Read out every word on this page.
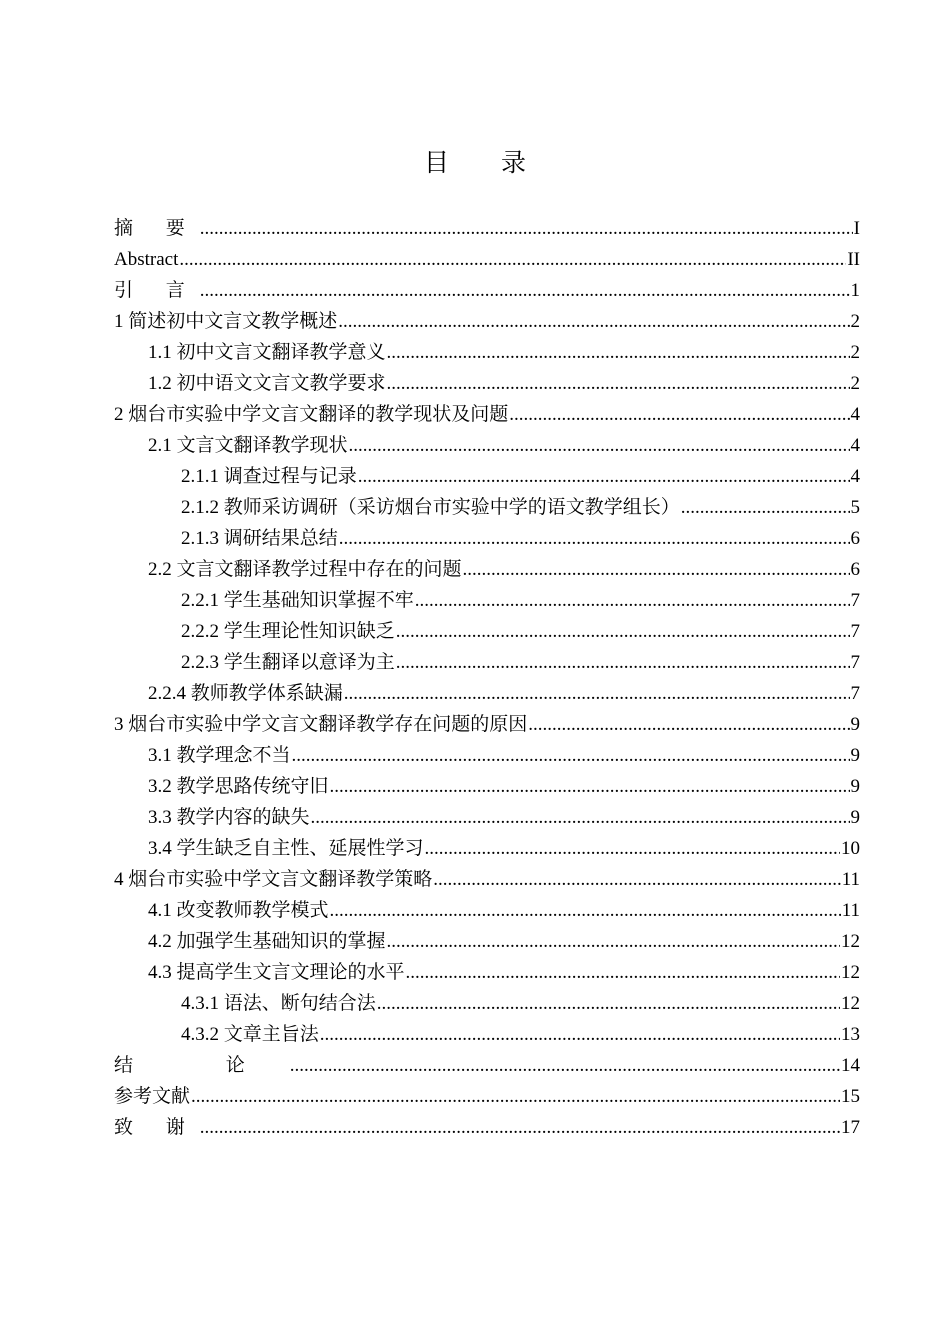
目 录
摘 要 .....	I
Abstract .....	II
引 言 .....	1
1 简述初中文言文教学概述 .....	2
1.1 初中文言文翻译教学意义 .....	2
1.2 初中语文文言文教学要求 .....	2
2 烟台市实验中学文言文翻译的教学现状及问题 .....	4
2.1 文言文翻译教学现状 .....	4
2.1.1 调查过程与记录 .....	4
2.1.2 教师采访调研（采访烟台市实验中学的语文教学组长） .....	5
2.1.3 调研结果总结 .....	6
2.2 文言文翻译教学过程中存在的问题 .....	6
2.2.1 学生基础知识掌握不牢 .....	7
2.2.2 学生理论性知识缺乏 .....	7
2.2.3 学生翻译以意译为主 .....	7
2.2.4 教师教学体系缺漏 .....	7
3 烟台市实验中学文言文翻译教学存在问题的原因 .....	9
3.1 教学理念不当 .....	9
3.2 教学思路传统守旧 .....	9
3.3 教学内容的缺失 .....	9
3.4 学生缺乏自主性、延展性学习 .....	10
4 烟台市实验中学文言文翻译教学策略 .....	11
4.1 改变教师教学模式 .....	11
4.2 加强学生基础知识的掌握 .....	12
4.3 提高学生文言文理论的水平 .....	12
4.3.1 语法、断句结合法 .....	12
4.3.2 文章主旨法 .....	13
结 论 .....	14
参考文献 .....	15
致 谢 .....	17
